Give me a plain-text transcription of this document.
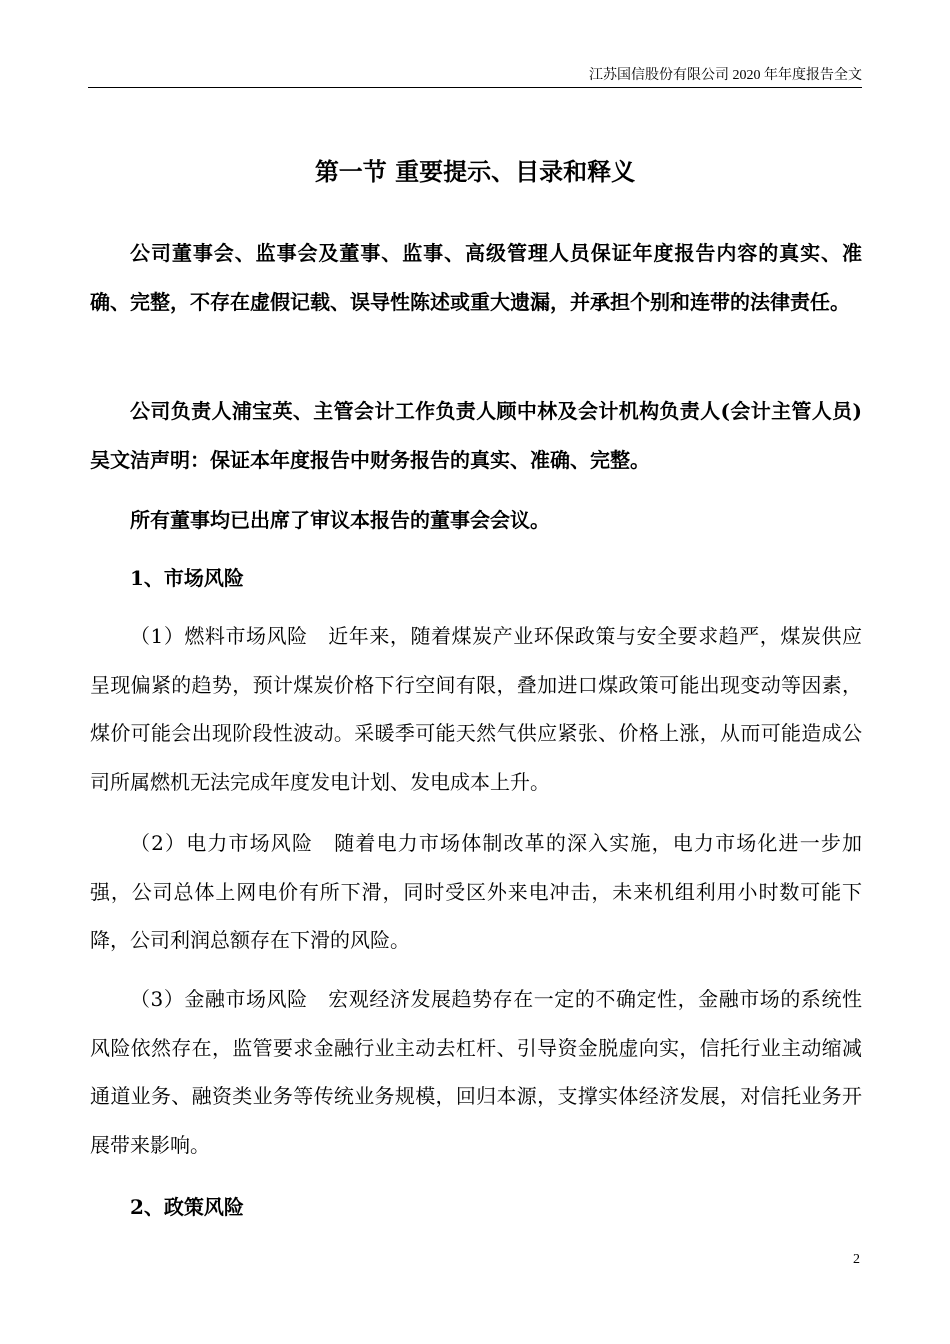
江苏国信股份有限公司 2020 年年度报告全文
第一节 重要提示、目录和释义

公司董事会、监事会及董事、监事、高级管理人员保证年度报告内容的真实、准确、完整，不存在虚假记载、误导性陈述或重大遗漏，并承担个别和连带的法律责任。

公司负责人浦宝英、主管会计工作负责人顾中林及会计机构负责人(会计主管人员)吴文洁声明：保证本年度报告中财务报告的真实、准确、完整。

所有董事均已出席了审议本报告的董事会会议。

1、市场风险

（1）燃料市场风险　 近年来，随着煤炭产业环保政策与安全要求趋严，煤炭供应呈现偏紧的趋势，预计煤炭价格下行空间有限，叠加进口煤政策可能出现变动等因素，煤价可能会出现阶段性波动。采暖季可能天然气供应紧张、价格上涨，从而可能造成公司所属燃机无法完成年度发电计划、发电成本上升。

（2）电力市场风险　 随着电力市场体制改革的深入实施，电力市场化进一步加强，公司总体上网电价有所下滑，同时受区外来电冲击，未来机组利用小时数可能下降，公司利润总额存在下滑的风险。

（3）金融市场风险　 宏观经济发展趋势存在一定的不确定性，金融市场的系统性风险依然存在，监管要求金融行业主动去杠杆、引导资金脱虚向实，信托行业主动缩减通道业务、融资类业务等传统业务规模，回归本源，支撑实体经济发展，对信托业务开展带来影响。

2、政策风险

2
